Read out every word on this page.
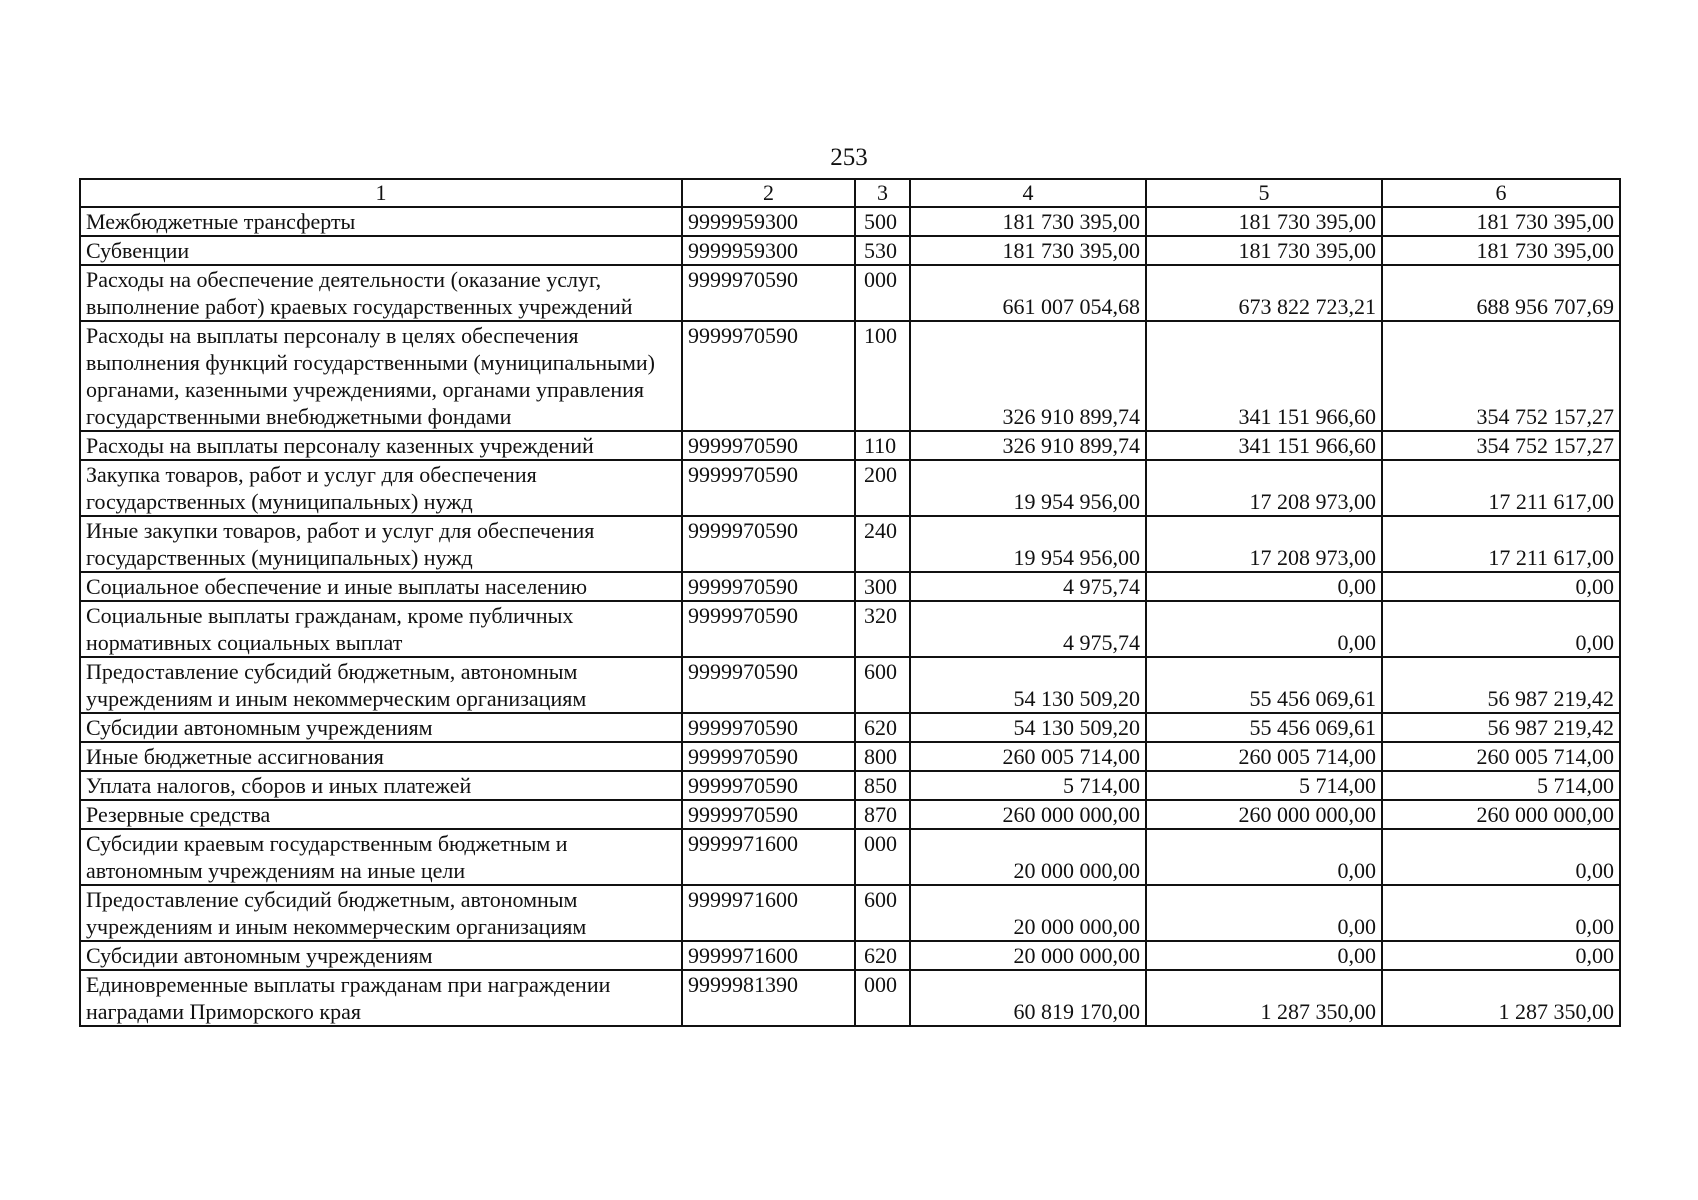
253
1	2	3	4	5	6
Межбюджетные трансферты	9999959300	500	181 730 395,00	181 730 395,00	181 730 395,00
Субвенции	9999959300	530	181 730 395,00	181 730 395,00	181 730 395,00
Расходы на обеспечение деятельности (оказание услуг, выполнение работ) краевых государственных учреждений	9999970590	000	661 007 054,68	673 822 723,21	688 956 707,69
Расходы на выплаты персоналу в целях обеспечения выполнения функций государственными (муниципальными) органами, казенными учреждениями, органами управления государственными внебюджетными фондами	9999970590	100	326 910 899,74	341 151 966,60	354 752 157,27
Расходы на выплаты персоналу казенных учреждений	9999970590	110	326 910 899,74	341 151 966,60	354 752 157,27
Закупка товаров, работ и услуг для обеспечения государственных (муниципальных) нужд	9999970590	200	19 954 956,00	17 208 973,00	17 211 617,00
Иные закупки товаров, работ и услуг для обеспечения государственных (муниципальных) нужд	9999970590	240	19 954 956,00	17 208 973,00	17 211 617,00
Социальное обеспечение и иные выплаты населению	9999970590	300	4 975,74	0,00	0,00
Социальные выплаты гражданам, кроме публичных нормативных социальных выплат	9999970590	320	4 975,74	0,00	0,00
Предоставление субсидий бюджетным, автономным учреждениям и иным некоммерческим организациям	9999970590	600	54 130 509,20	55 456 069,61	56 987 219,42
Субсидии автономным учреждениям	9999970590	620	54 130 509,20	55 456 069,61	56 987 219,42
Иные бюджетные ассигнования	9999970590	800	260 005 714,00	260 005 714,00	260 005 714,00
Уплата налогов, сборов и иных платежей	9999970590	850	5 714,00	5 714,00	5 714,00
Резервные средства	9999970590	870	260 000 000,00	260 000 000,00	260 000 000,00
Субсидии краевым государственным бюджетным и автономным учреждениям на иные цели	9999971600	000	20 000 000,00	0,00	0,00
Предоставление субсидий бюджетным, автономным учреждениям и иным некоммерческим организациям	9999971600	600	20 000 000,00	0,00	0,00
Субсидии автономным учреждениям	9999971600	620	20 000 000,00	0,00	0,00
Единовременные выплаты гражданам при награждении наградами Приморского края	9999981390	000	60 819 170,00	1 287 350,00	1 287 350,00
